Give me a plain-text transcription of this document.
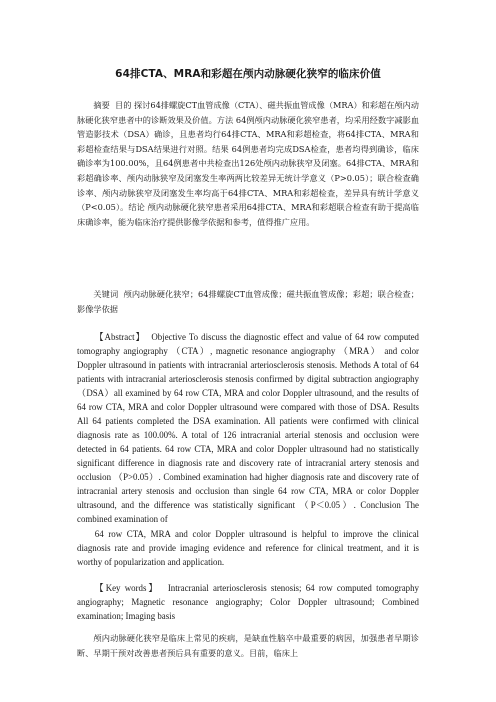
64排CTA、MRA和彩超在颅内动脉硬化狭窄的临床价值

摘要 目的 探讨64排螺旋CT血管成像（CTA）、磁共振血管成像（MRA）和彩超在颅内动脉硬化狭窄患者中的诊断效果及价值。方法 64例颅内动脉硬化狭窄患者，均采用经数字减影血管造影技术（DSA）确诊，且患者均行64排CTA、MRA和彩超检查，将64排CTA、MRA和彩超检查结果与DSA结果进行对照。结果 64例患者均完成DSA检查，患者均得到确诊，临床确诊率为100.00%，且64例患者中共检查出126处颅内动脉狭窄及闭塞。64排CTA、MRA和彩超确诊率、颅内动脉狭窄及闭塞发生率两两比较差异无统计学意义（P>0.05）；联合检查确诊率、颅内动脉狭窄及闭塞发生率均高于64排CTA、MRA和彩超检查，差异具有统计学意义（P<0.05）。结论 颅内动脉硬化狭窄患者采用64排CTA、MRA和彩超联合检查有助于提高临床确诊率，能为临床治疗提供影像学依据和参考，值得推广应用。

关键词 颅内动脉硬化狭窄；64排螺旋CT血管成像；磁共振血管成像；彩超；联合检查；影像学依据

【Abstract】 Objective To discuss the diagnostic effect and value of 64 row computed tomography angiography （CTA）, magnetic resonance angiography （MRA） and color Doppler ultrasound in patients with intracranial arteriosclerosis stenosis. Methods A total of 64 patients with intracranial arteriosclerosis stenosis confirmed by digital subtraction angiography（DSA）all examined by 64 row CTA, MRA and color Doppler ultrasound, and the results of 64 row CTA, MRA and color Doppler ultrasound were compared with those of DSA. Results All 64 patients completed the DSA examination. All patients were confirmed with clinical diagnosis rate as 100.00%. A total of 126 intracranial arterial stenosis and occlusion were detected in 64 patients. 64 row CTA, MRA and color Doppler ultrasound had no statistically significant difference in diagnosis rate and discovery rate of intracranial artery stenosis and occlusion （P>0.05）. Combined examination had higher diagnosis rate and discovery rate of intracranial artery stenosis and occlusion than single 64 row CTA, MRA or color Doppler ultrasound, and the difference was statistically significant （P＜0.05）. Conclusion The combined examination of

64 row CTA, MRA and color Doppler ultrasound is helpful to improve the clinical diagnosis rate and provide imaging evidence and reference for clinical treatment, and it is worthy of popularization and application.

【Key words】 Intracranial arteriosclerosis stenosis; 64 row computed tomography angiography; Magnetic resonance angiography; Color Doppler ultrasound; Combined examination; Imaging basis

颅内动脉硬化狭窄是临床上常见的疾病，是缺血性脑卒中最重要的病因，加强患者早期诊断、早期干预对改善患者预后具有重要的意义。目前，临床上
